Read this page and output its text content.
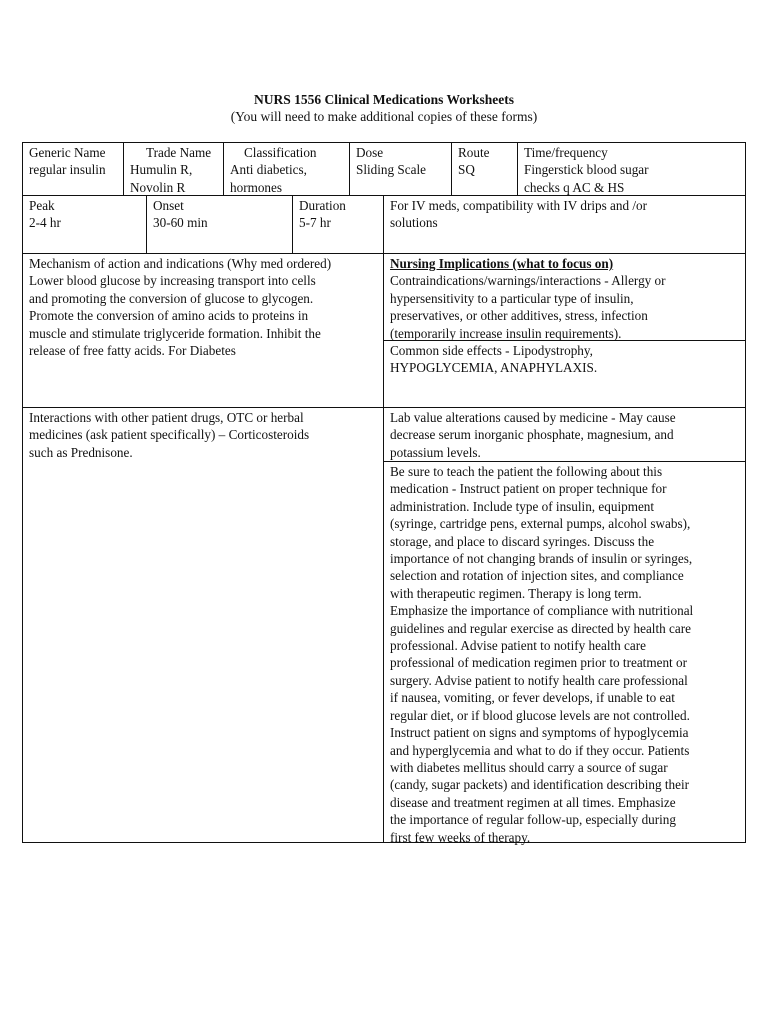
NURS 1556 Clinical Medications Worksheets
(You will need to make additional copies of these forms)
Generic Name
regular insulin
Trade Name
Humulin R,
Novolin R
Classification
Anti diabetics,
hormones
Dose
Sliding Scale
Route
SQ
Time/frequency
Fingerstick blood sugar
checks q AC & HS
Peak
2-4 hr
Onset
30-60 min
Duration
5-7 hr
For IV meds, compatibility with IV drips and /or
solutions
Mechanism of action and indications (Why med ordered)
Lower blood glucose by increasing transport into cells
and promoting the conversion of glucose to glycogen.
Promote the conversion of amino acids to proteins in
muscle and stimulate triglyceride formation. Inhibit the
release of free fatty acids. For Diabetes
Nursing Implications (what to focus on)
Contraindications/warnings/interactions - Allergy or
hypersensitivity to a particular type of insulin,
preservatives, or other additives, stress, infection
(temporarily increase insulin requirements).
Common side effects - Lipodystrophy,
HYPOGLYCEMIA, ANAPHYLAXIS.
Interactions with other patient drugs, OTC or herbal
medicines (ask patient specifically) – Corticosteroids
such as Prednisone.
Lab value alterations caused by medicine - May cause
decrease serum inorganic phosphate, magnesium, and
potassium levels.
Be sure to teach the patient the following about this
medication - Instruct patient on proper technique for
administration. Include type of insulin, equipment
(syringe, cartridge pens, external pumps, alcohol swabs),
storage, and place to discard syringes. Discuss the
importance of not changing brands of insulin or syringes,
selection and rotation of injection sites, and compliance
with therapeutic regimen. Therapy is long term.
Emphasize the importance of compliance with nutritional
guidelines and regular exercise as directed by health care
professional. Advise patient to notify health care
professional of medication regimen prior to treatment or
surgery. Advise patient to notify health care professional
if nausea, vomiting, or fever develops, if unable to eat
regular diet, or if blood glucose levels are not controlled.
Instruct patient on signs and symptoms of hypoglycemia
and hyperglycemia and what to do if they occur. Patients
with diabetes mellitus should carry a source of sugar
(candy, sugar packets) and identification describing their
disease and treatment regimen at all times. Emphasize
the importance of regular follow-up, especially during
first few weeks of therapy.
